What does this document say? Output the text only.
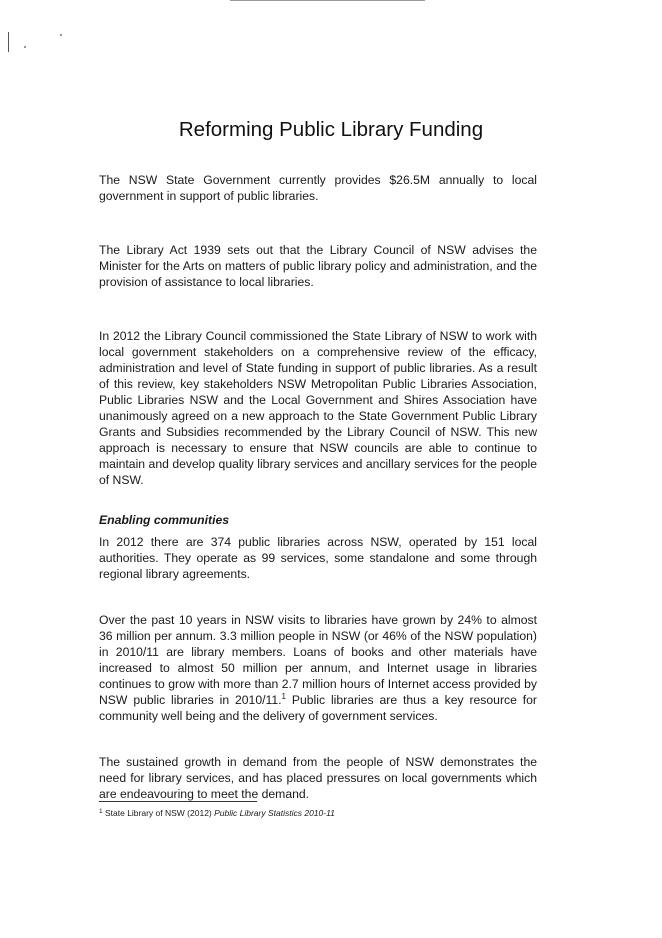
Reforming Public Library Funding

The NSW State Government currently provides $26.5M annually to local government in support of public libraries.

The Library Act 1939 sets out that the Library Council of NSW advises the Minister for the Arts on matters of public library policy and administration, and the provision of assistance to local libraries.

In 2012 the Library Council commissioned the State Library of NSW to work with local government stakeholders on a comprehensive review of the efficacy, administration and level of State funding in support of public libraries. As a result of this review, key stakeholders NSW Metropolitan Public Libraries Association, Public Libraries NSW and the Local Government and Shires Association have unanimously agreed on a new approach to the State Government Public Library Grants and Subsidies recommended by the Library Council of NSW. This new approach is necessary to ensure that NSW councils are able to continue to maintain and develop quality library services and ancillary services for the people of NSW.

Enabling communities

In 2012 there are 374 public libraries across NSW, operated by 151 local authorities. They operate as 99 services, some standalone and some through regional library agreements.

Over the past 10 years in NSW visits to libraries have grown by 24% to almost 36 million per annum. 3.3 million people in NSW (or 46% of the NSW population) in 2010/11 are library members. Loans of books and other materials have increased to almost 50 million per annum, and Internet usage in libraries continues to grow with more than 2.7 million hours of Internet access provided by NSW public libraries in 2010/11.$^1$ Public libraries are thus a key resource for community well being and the delivery of government services.

The sustained growth in demand from the people of NSW demonstrates the need for library services, and has placed pressures on local governments which are endeavouring to meet the demand.

$^1$ State Library of NSW (2012) Public Library Statistics 2010-11
